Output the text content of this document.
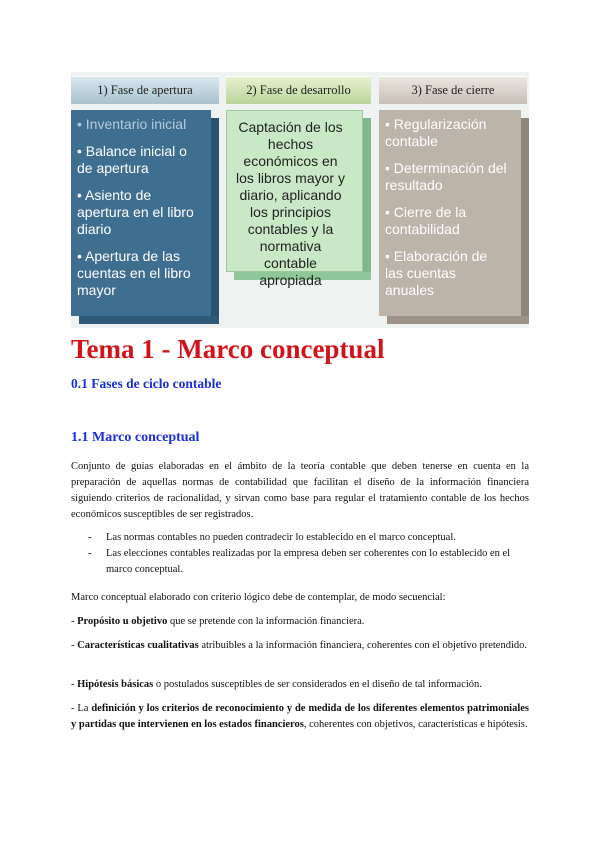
1) Fase de apertura	2) Fase de desarrollo	3) Fase de cierre
• Inventario inicial
• Balance inicial o de apertura
• Asiento de apertura en el libro diario
• Apertura de las cuentas en el libro mayor
Captación de los hechos económicos en los libros mayor y diario, aplicando los principios contables y la normativa contable apropiada
• Regularización contable
• Determinación del resultado
• Cierre de la contabilidad
• Elaboración de las cuentas anuales
Tema 1 - Marco conceptual
0.1 Fases de ciclo contable
1.1 Marco conceptual

Conjunto de guías elaboradas en el ámbito de la teoría contable que deben tenerse en cuenta en la preparación de aquellas normas de contabilidad que facilitan el diseño de la información financiera siguiendo criterios de racionalidad, y sirvan como base para regular el tratamiento contable de los hechos económicos susceptibles de ser registrados.

- Las normas contables no pueden contradecir lo establecido en el marco conceptual.
- Las elecciones contables realizadas por la empresa deben ser coherentes con lo establecido en el marco conceptual.

Marco conceptual elaborado con criterio lógico debe de contemplar, de modo secuencial:

- Propósito u objetivo que se pretende con la información financiera.

- Características cualitativas atribuibles a la información financiera, coherentes con el objetivo pretendido.

- Hipótesis básicas o postulados susceptibles de ser considerados en el diseño de tal información.

- La definición y los criterios de reconocimiento y de medida de los diferentes elementos patrimoniales y partidas que intervienen en los estados financieros, coherentes con objetivos, características e hipótesis.
